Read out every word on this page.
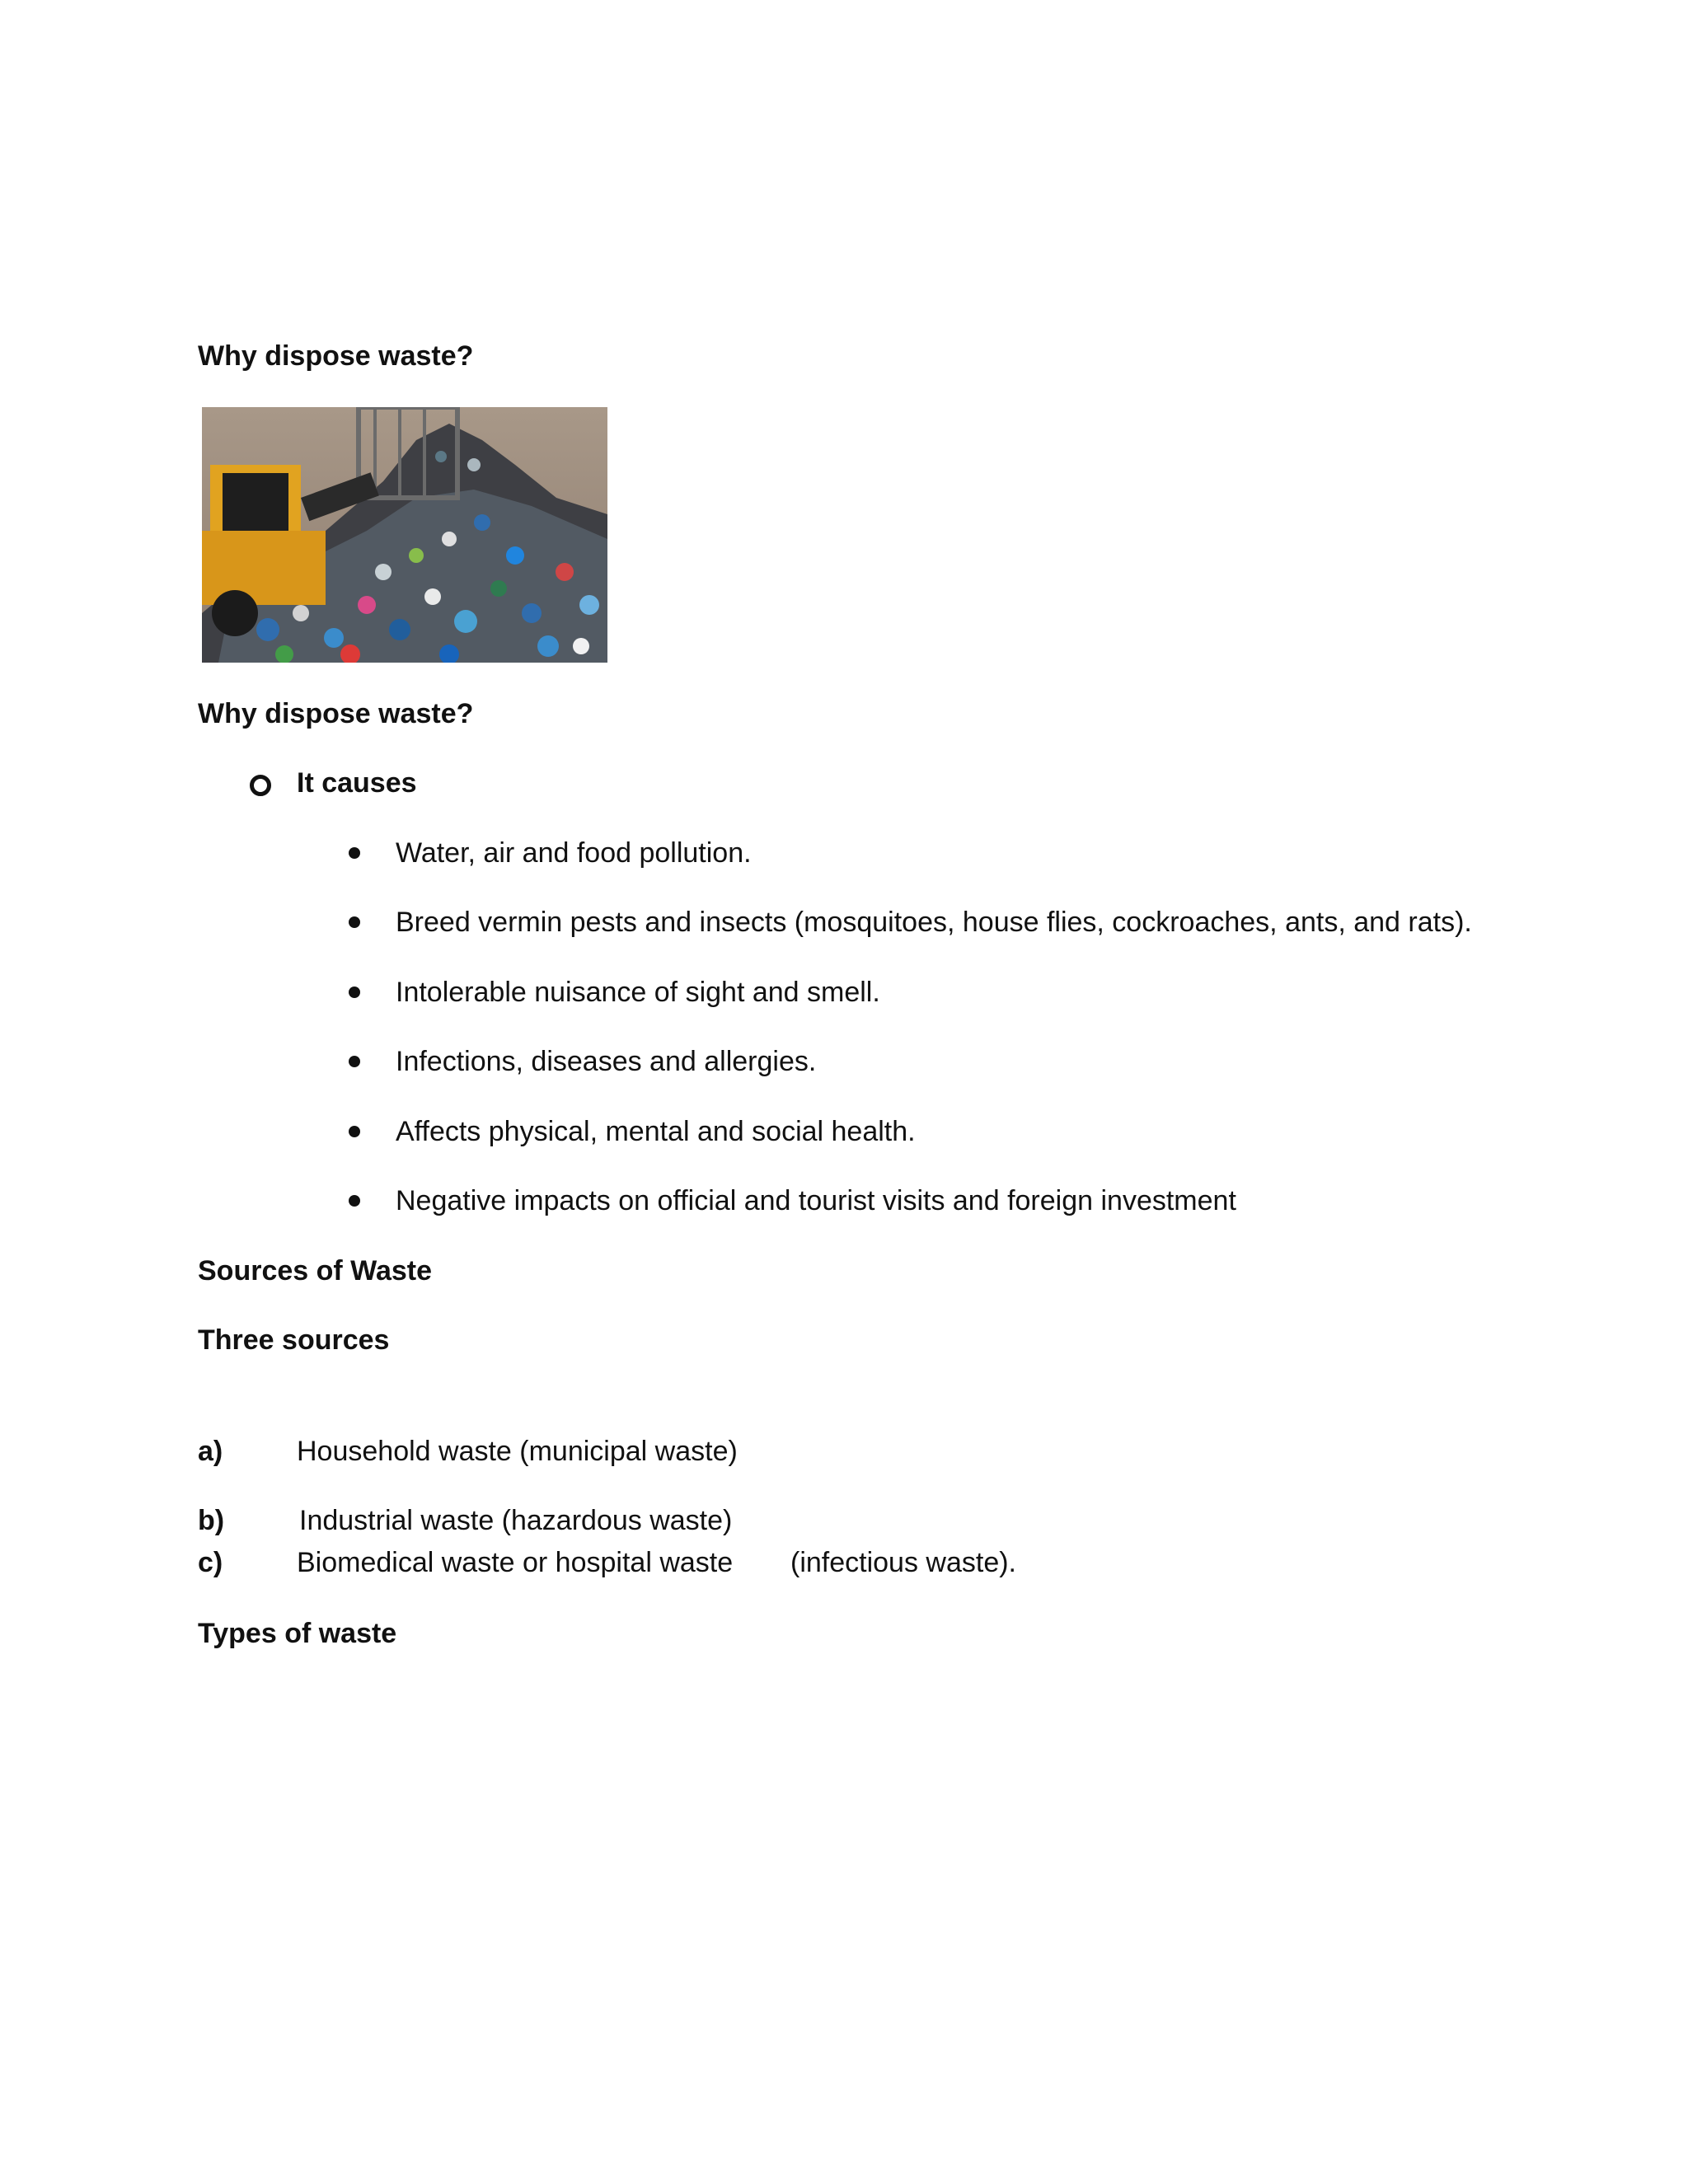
Why dispose waste?
Why dispose waste?
It causes
Water, air and food pollution.
Breed vermin pests and insects (mosquitoes, house flies, cockroaches, ants, and rats).
Intolerable nuisance of sight and smell.
Infections, diseases and allergies.
Affects physical, mental and social health.
Negative impacts on official and tourist visits and foreign investment
Sources of Waste
Three sources
a)	Household waste (municipal waste)
b)	Industrial waste (hazardous waste)
c)	Biomedical waste or hospital waste (infectious waste).
Types of waste
